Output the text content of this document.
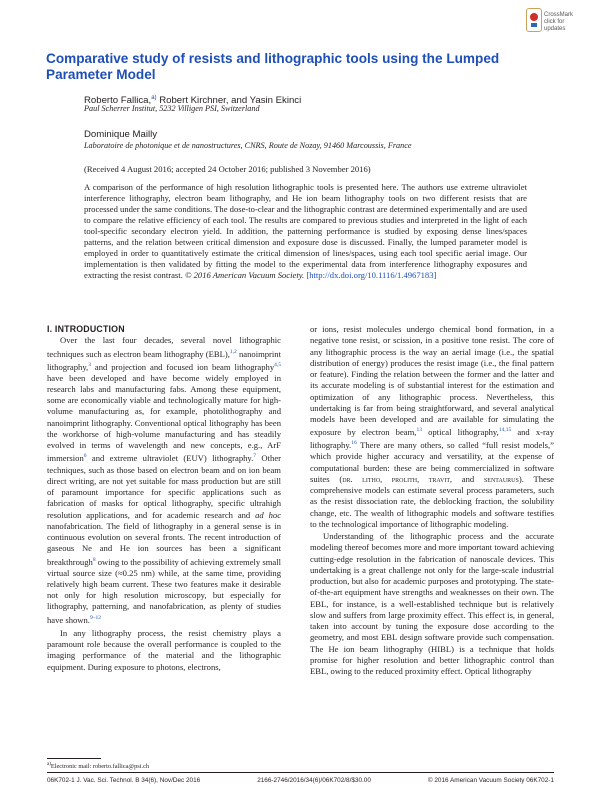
CrossMark
click for updates
Comparative study of resists and lithographic tools using the Lumped Parameter Model
Roberto Fallica,$^{a)}$ Robert Kirchner, and Yasin Ekinci
Paul Scherrer Institut, 5232 Villigen PSI, Switzerland
Dominique Mailly
Laboratoire de photonique et de nanostructures, CNRS, Route de Nozay, 91460 Marcoussis, France
(Received 4 August 2016; accepted 24 October 2016; published 3 November 2016)

A comparison of the performance of high resolution lithographic tools is presented here. The authors use extreme ultraviolet interference lithography, electron beam lithography, and He ion beam lithography tools on two different resists that are processed under the same conditions. The dose-to-clear and the lithographic contrast are determined experimentally and are used to compare the relative efficiency of each tool. The results are compared to previous studies and interpreted in the light of each tool-specific secondary electron yield. In addition, the patterning performance is studied by exposing dense lines/spaces patterns, and the relation between critical dimension and exposure dose is discussed. Finally, the lumped parameter model is employed in order to quantitatively estimate the critical dimension of lines/spaces, using each tool specific aerial image. Our implementation is then validated by fitting the model to the experimental data from interference lithography exposures and extracting the resist contrast. © 2016 American Vacuum Society. [http://dx.doi.org/10.1116/1.4967183]

I. INTRODUCTION

Over the last four decades, several novel lithographic techniques such as electron beam lithography (EBL),$^{1,2}$ nanoimprint lithography,$^3$ and projection and focused ion beam lithography$^{4,5}$ have been developed and have become widely employed in research labs and manufacturing fabs. Among these equipment, some are economically viable and technologically mature for high-volume manufacturing as, for example, photolithography and nanoimprint lithography. Conventional optical lithography has been the workhorse of high-volume manufacturing and has steadily evolved in terms of wavelength and new concepts, e.g., ArF immersion$^6$ and extreme ultraviolet (EUV) lithography.$^7$ Other techniques, such as those based on electron beam and on ion beam direct writing, are not yet suitable for mass production but are still of paramount importance for specific applications such as fabrication of masks for optical lithography, specific ultrahigh resolution applications, and for academic research and ad hoc nanofabrication. The field of lithography in a general sense is in continuous evolution on several fronts. The recent introduction of gaseous Ne and He ion sources has been a significant breakthrough$^8$ owing to the possibility of achieving extremely small virtual source size (≈0.25 nm) while, at the same time, providing relatively high beam current. These two features make it desirable not only for high resolution microscopy, but especially for lithography, patterning, and nanofabrication, as plenty of studies have shown.$^{9-12}$

In any lithography process, the resist chemistry plays a paramount role because the overall performance is coupled to the imaging performance of the material and the lithographic equipment. During exposure to photons, electrons,

or ions, resist molecules undergo chemical bond formation, in a negative tone resist, or scission, in a positive tone resist. The core of any lithographic process is the way an aerial image (i.e., the spatial distribution of energy) produces the resist image (i.e., the final pattern or feature). Finding the relation between the former and the latter and its accurate modeling is of substantial interest for the estimation and optimization of any lithographic process. Nevertheless, this undertaking is far from being straightforward, and several analytical models have been developed and are available for simulating the exposure by electron beam,$^{13}$ optical lithography,$^{14,15}$ and x-ray lithography.$^{16}$ There are many others, so called “full resist models,” which provide higher accuracy and versatility, at the expense of computational burden: these are being commercialized in software suites (dr. litho, prolith, travit, and sentaurus). These comprehensive models can estimate several process parameters, such as the resist dissociation rate, the deblocking fraction, the solubility change, etc. The wealth of lithographic models and software testifies to the technological importance of lithographic modeling.

Understanding of the lithographic process and the accurate modeling thereof becomes more and more important toward achieving cutting-edge resolution in the fabrication of nanoscale devices. This undertaking is a great challenge not only for the large-scale industrial production, but also for academic purposes and prototyping. The state-of-the-art equipment have strengths and weaknesses on their own. The EBL, for instance, is a well-established technique but is relatively slow and suffers from large proximity effect. This effect is, in general, taken into account by tuning the exposure dose according to the geometry, and most EBL design software provide such compensation. The He ion beam lithography (HIBL) is a technique that holds promise for higher resolution and better lithographic control than EBL, owing to the reduced proximity effect. Optical lithography

$^{a)}$Electronic mail: roberto.fallica@psi.ch
06K702-1 J. Vac. Sci. Technol. B 34(6), Nov/Dec 2016	2166-2746/2016/34(6)/06K702/8/$30.00	© 2016 American Vacuum Society 06K702-1
